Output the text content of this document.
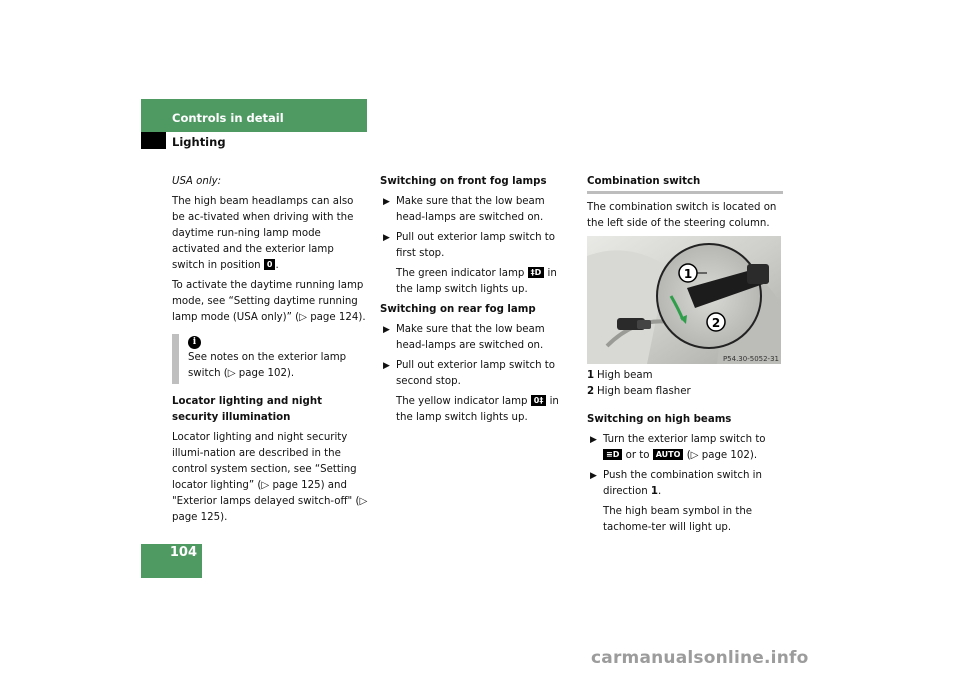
Controls in detail
Lighting

USA only:

The high beam headlamps can also be ac-tivated when driving with the daytime run-ning lamp mode activated and the exterior lamp switch in position 0 .

To activate the daytime running lamp mode, see “Setting daytime running lamp mode (USA only)” (▷ page 124).

i
See notes on the exterior lamp switch (▷ page 102).

Locator lighting and night security illumination

Locator lighting and night security illumi-nation are described in the control system section, see “Setting locator lighting” (▷ page 125) and "Exterior lamps delayed switch-off" (▷ page 125).

Switching on front fog lamps

▶ Make sure that the low beam head-lamps are switched on.
▶ Pull out exterior lamp switch to first stop.

The green indicator lamp ‡D in the lamp switch lights up.

Switching on rear fog lamp

▶ Make sure that the low beam head-lamps are switched on.
▶ Pull out exterior lamp switch to second stop.

The yellow indicator lamp 0‡ in the lamp switch lights up.

Combination switch

The combination switch is located on the left side of the steering column.

1
2
P54.30-5052-31
1 High beam
2 High beam flasher

Switching on high beams

▶ Turn the exterior lamp switch to ≡D or to AUTO (▷ page 102).
▶ Push the combination switch in direction 1.

The high beam symbol in the tachome-ter will light up.

104
carmanualsonline.info
